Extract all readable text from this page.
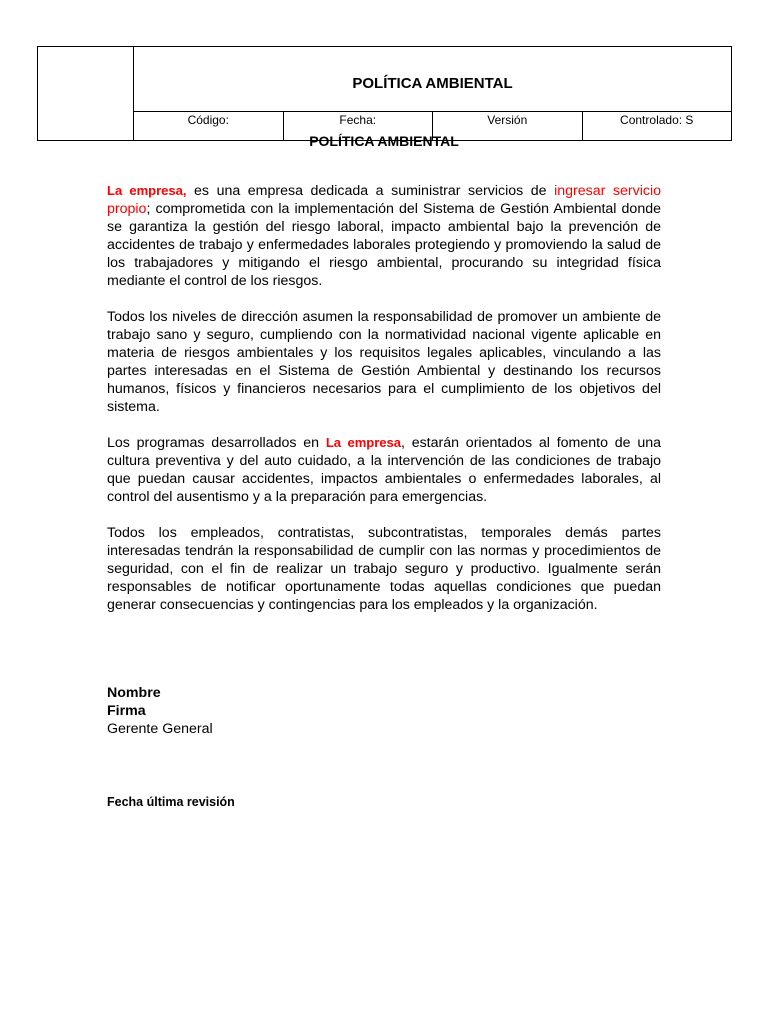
	POLÍTICA AMBIENTAL			
	Código:	Fecha:	Versión	Controlado: S
POLÍTICA AMBIENTAL

La empresa, es una empresa dedicada a suministrar servicios de ingresar servicio propio; comprometida con la implementación del Sistema de Gestión Ambiental donde se garantiza la gestión del riesgo laboral, impacto ambiental bajo la prevención de accidentes de trabajo y enfermedades laborales protegiendo y promoviendo la salud de los trabajadores y mitigando el riesgo ambiental, procurando su integridad física mediante el control de los riesgos.

Todos los niveles de dirección asumen la responsabilidad de promover un ambiente de trabajo sano y seguro, cumpliendo con la normatividad nacional vigente aplicable en materia de riesgos ambientales y los requisitos legales aplicables, vinculando a las partes interesadas en el Sistema de Gestión Ambiental y destinando los recursos humanos, físicos y financieros necesarios para el cumplimiento de los objetivos del sistema.

Los programas desarrollados en La empresa, estarán orientados al fomento de una cultura preventiva y del auto cuidado, a la intervención de las condiciones de trabajo que puedan causar accidentes, impactos ambientales o enfermedades laborales, al control del ausentismo y a la preparación para emergencias.

Todos los empleados, contratistas, subcontratistas, temporales demás partes interesadas tendrán la responsabilidad de cumplir con las normas y procedimientos de seguridad, con el fin de realizar un trabajo seguro y productivo. Igualmente serán responsables de notificar oportunamente todas aquellas condiciones que puedan generar consecuencias y contingencias para los empleados y la organización.

Nombre
Firma
Gerente General
Fecha última revisión
